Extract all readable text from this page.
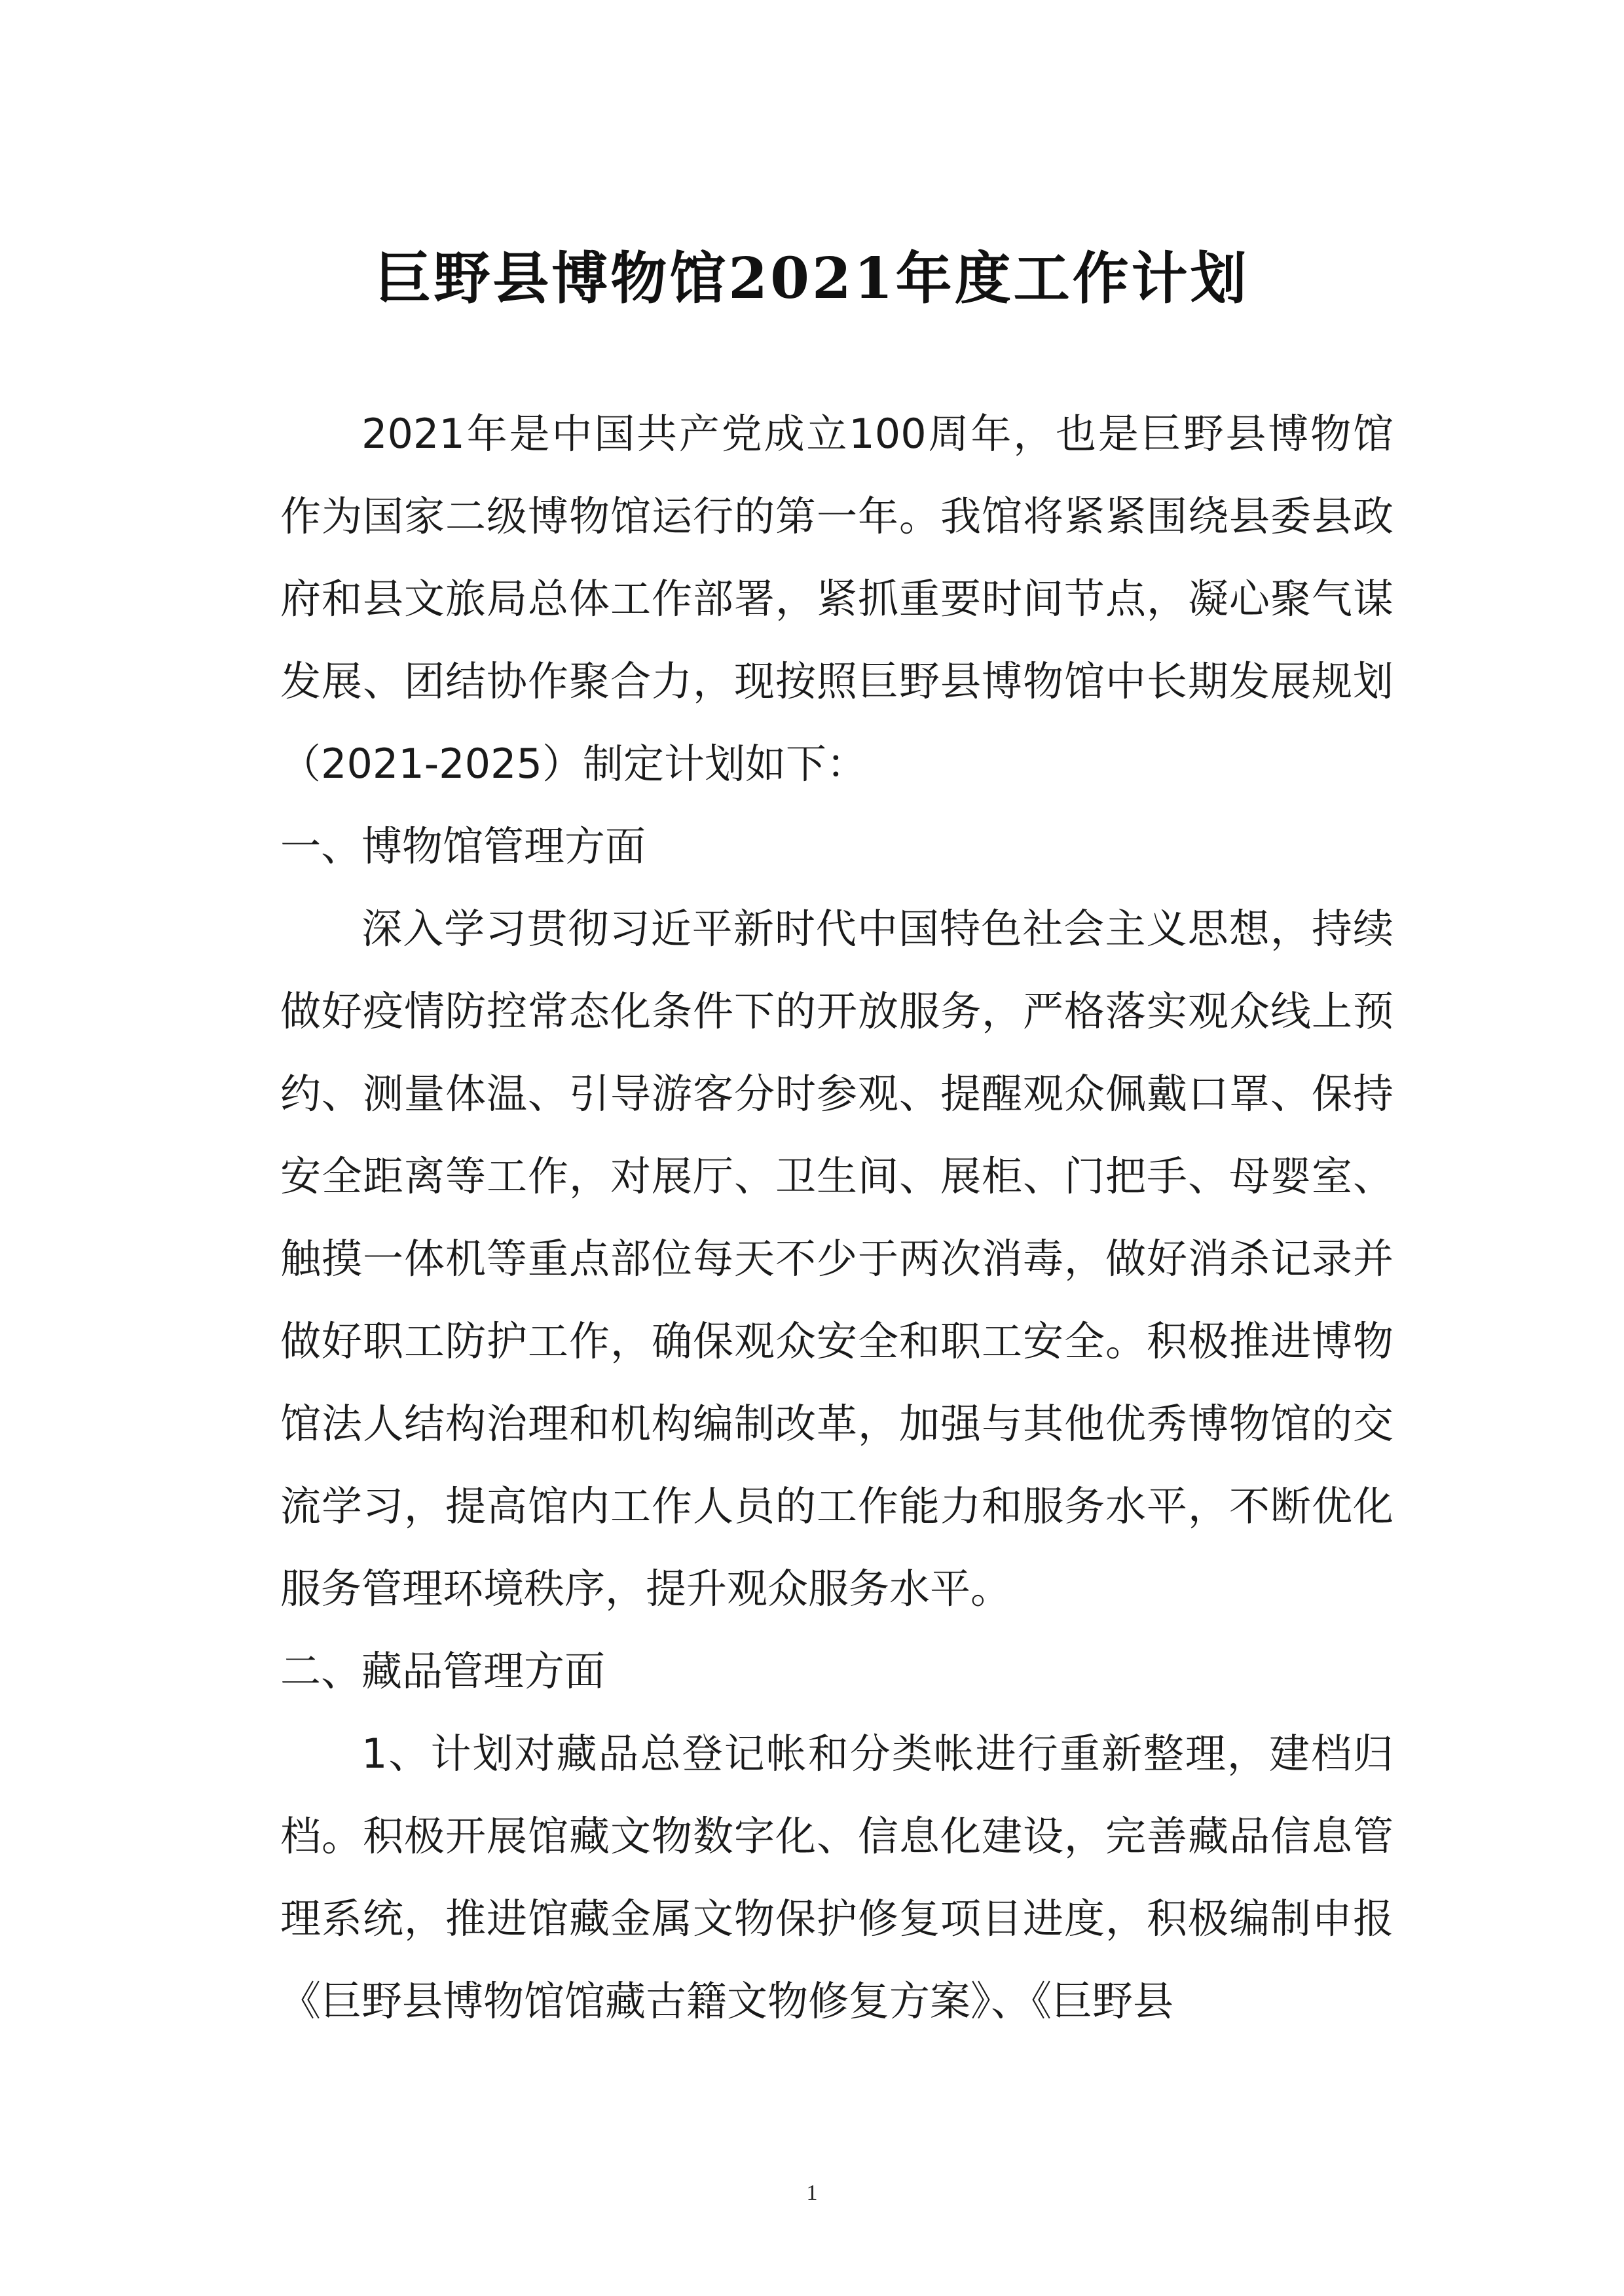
巨野县博物馆2021年度工作计划

2021年是中国共产党成立100周年，也是巨野县博物馆作为国家二级博物馆运行的第一年。我馆将紧紧围绕县委县政府和县文旅局总体工作部署，紧抓重要时间节点，凝心聚气谋发展、团结协作聚合力，现按照巨野县博物馆中长期发展规划（2021-2025）制定计划如下：

一、博物馆管理方面

深入学习贯彻习近平新时代中国特色社会主义思想，持续做好疫情防控常态化条件下的开放服务，严格落实观众线上预约、测量体温、引导游客分时参观、提醒观众佩戴口罩、保持安全距离等工作，对展厅、卫生间、展柜、门把手、母婴室、触摸一体机等重点部位每天不少于两次消毒，做好消杀记录并做好职工防护工作，确保观众安全和职工安全。积极推进博物馆法人结构治理和机构编制改革，加强与其他优秀博物馆的交流学习，提高馆内工作人员的工作能力和服务水平，不断优化服务管理环境秩序，提升观众服务水平。

二、藏品管理方面

1、计划对藏品总登记帐和分类帐进行重新整理，建档归档。积极开展馆藏文物数字化、信息化建设，完善藏品信息管理系统，推进馆藏金属文物保护修复项目进度，积极编制申报《巨野县博物馆馆藏古籍文物修复方案》、《巨野县

1
